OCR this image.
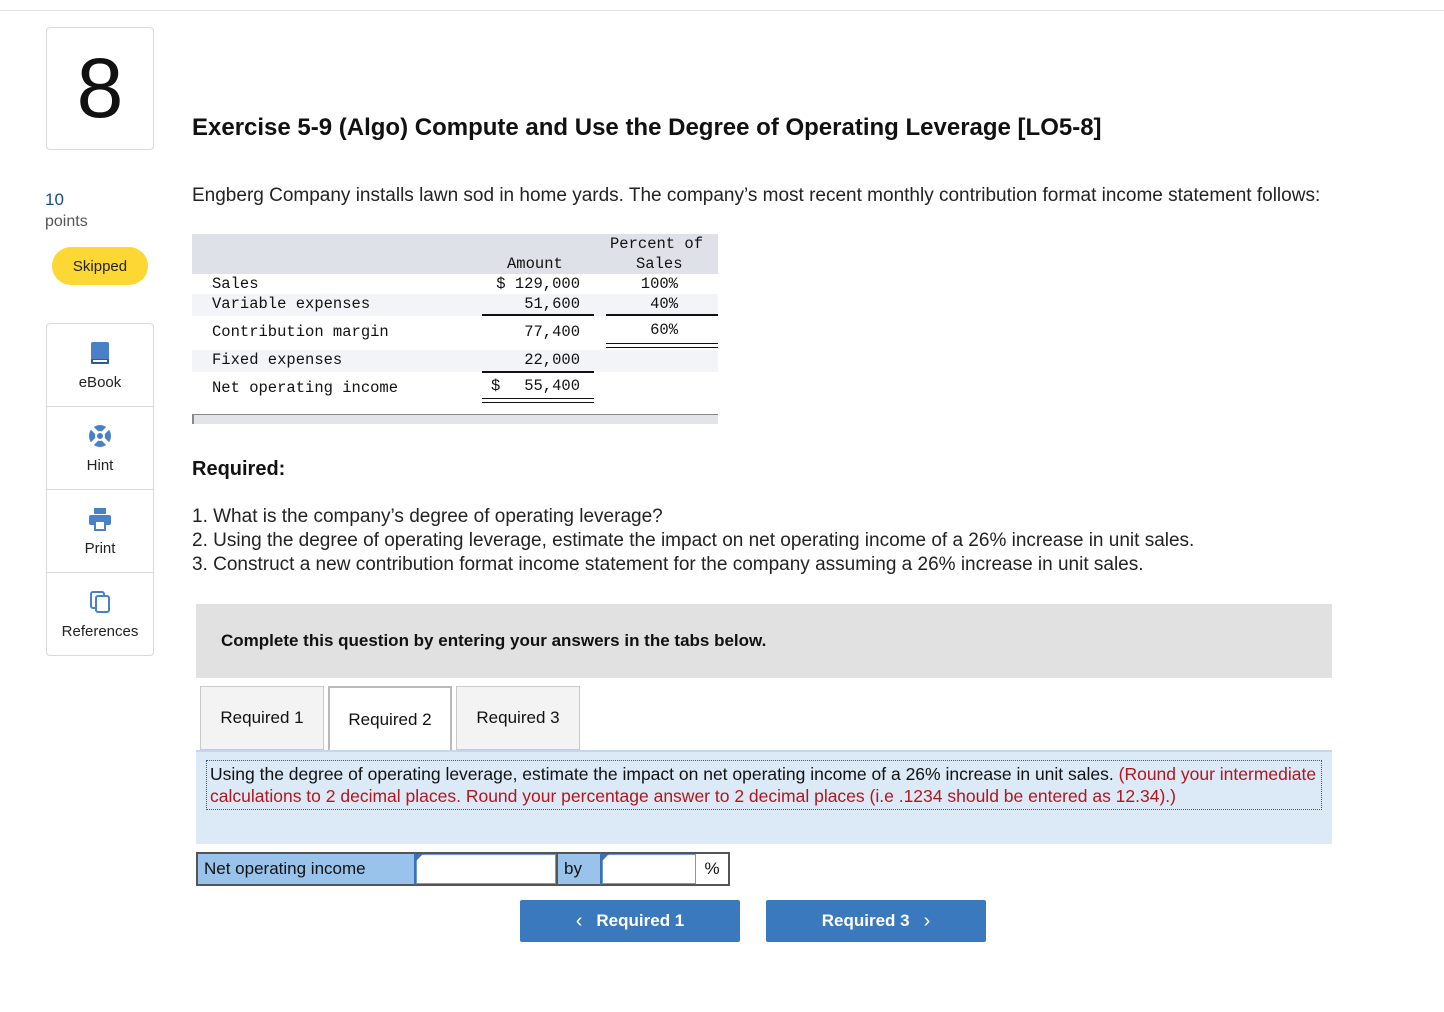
8
10
points
Skipped
eBook
Hint
Print
References
Exercise 5-9 (Algo) Compute and Use the Degree of Operating Leverage [LO5-8]
Engberg Company installs lawn sod in home yards. The company’s most recent monthly contribution format income statement follows:
Percent of
Amount	Sales
Sales	$ 129,000	100%
Variable expenses	51,600	40%
Contribution margin	77,400	60%
Fixed expenses	22,000
Net operating income	$ 55,400
Required:
1. What is the company’s degree of operating leverage?
2. Using the degree of operating leverage, estimate the impact on net operating income of a 26% increase in unit sales.
3. Construct a new contribution format income statement for the company assuming a 26% increase in unit sales.
Complete this question by entering your answers in the tabs below.
Required 1	Required 2	Required 3
Using the degree of operating leverage, estimate the impact on net operating income of a 26% increase in unit sales. (Round your intermediate calculations to 2 decimal places. Round your percentage answer to 2 decimal places (i.e .1234 should be entered as 12.34).)
Net operating income	by	%
‹ Required 1	Required 3 ›
